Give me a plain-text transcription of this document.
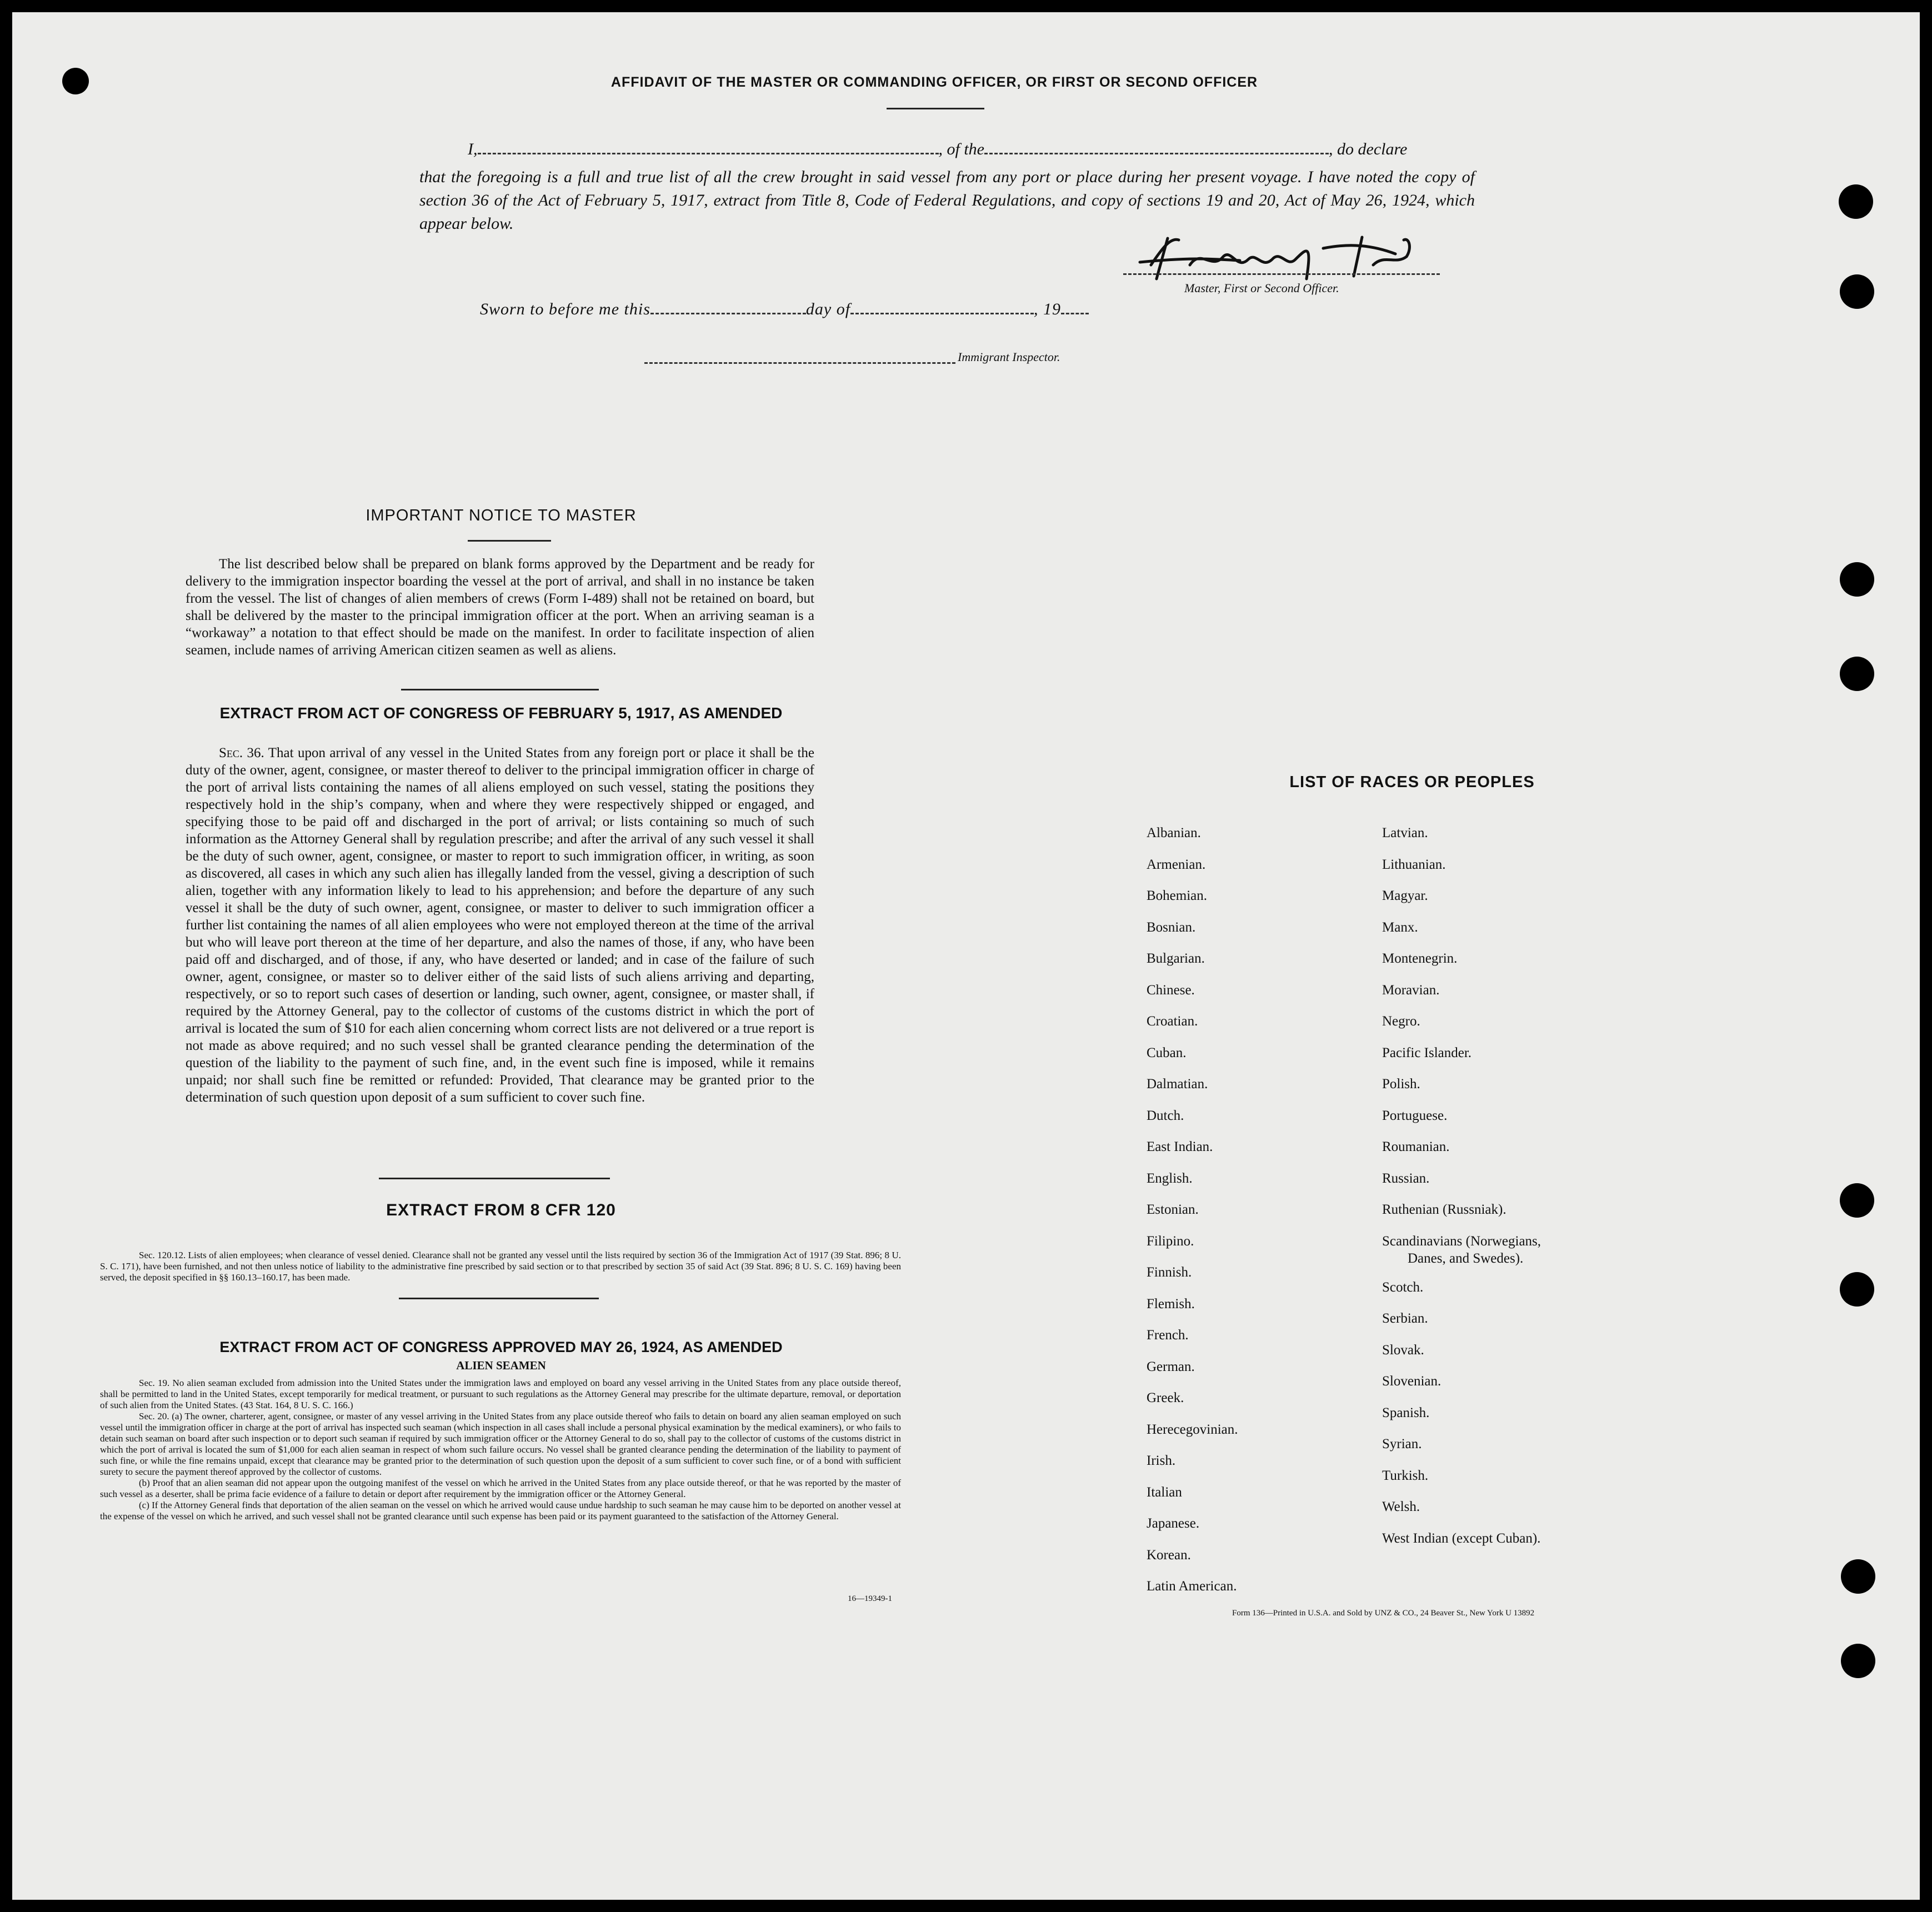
AFFIDAVIT OF THE MASTER OR COMMANDING OFFICER, OR FIRST OR SECOND OFFICER
I,	, of the	, do declare
that the foregoing is a full and true list of all the crew brought in said vessel from any port or place during her present voyage. I have noted the copy of section 36 of the Act of February 5, 1917, extract from Title 8, Code of Federal Regulations, and copy of sections 19 and 20, Act of May 26, 1924, which appear below.
Master, First or Second Officer.
Sworn to before me this	day of	, 19
Immigrant Inspector.
IMPORTANT NOTICE TO MASTER
The list described below shall be prepared on blank forms approved by the Department and be ready for delivery to the immigration inspector boarding the vessel at the port of arrival, and shall in no instance be taken from the vessel. The list of changes of alien members of crews (Form I-489) shall not be retained on board, but shall be delivered by the master to the principal immigration officer at the port. When an arriving seaman is a “workaway” a notation to that effect should be made on the manifest. In order to facilitate inspection of alien seamen, include names of arriving American citizen seamen as well as aliens.
EXTRACT FROM ACT OF CONGRESS OF FEBRUARY 5, 1917, AS AMENDED
Sec. 36. That upon arrival of any vessel in the United States from any foreign port or place it shall be the duty of the owner, agent, consignee, or master thereof to deliver to the principal immigration officer in charge of the port of arrival lists containing the names of all aliens employed on such vessel, stating the positions they respectively hold in the ship’s company, when and where they were respectively shipped or engaged, and specifying those to be paid off and discharged in the port of arrival; or lists containing so much of such information as the Attorney General shall by regulation prescribe; and after the arrival of any such vessel it shall be the duty of such owner, agent, consignee, or master to report to such immigration officer, in writing, as soon as discovered, all cases in which any such alien has illegally landed from the vessel, giving a description of such alien, together with any information likely to lead to his apprehension; and before the departure of any such vessel it shall be the duty of such owner, agent, consignee, or master to deliver to such immigration officer a further list containing the names of all alien employees who were not employed thereon at the time of the arrival but who will leave port thereon at the time of her departure, and also the names of those, if any, who have been paid off and discharged, and of those, if any, who have deserted or landed; and in case of the failure of such owner, agent, consignee, or master so to deliver either of the said lists of such aliens arriving and departing, respectively, or so to report such cases of desertion or landing, such owner, agent, consignee, or master shall, if required by the Attorney General, pay to the collector of customs of the customs district in which the port of arrival is located the sum of $10 for each alien concerning whom correct lists are not delivered or a true report is not made as above required; and no such vessel shall be granted clearance pending the determination of the question of the liability to the payment of such fine, and, in the event such fine is imposed, while it remains unpaid; nor shall such fine be remitted or refunded: Provided, That clearance may be granted prior to the determination of such question upon deposit of a sum sufficient to cover such fine.
EXTRACT FROM 8 CFR 120
Sec. 120.12. Lists of alien employees; when clearance of vessel denied. Clearance shall not be granted any vessel until the lists required by section 36 of the Immigration Act of 1917 (39 Stat. 896; 8 U. S. C. 171), have been furnished, and not then unless notice of liability to the administrative fine prescribed by said section or to that prescribed by section 35 of said Act (39 Stat. 896; 8 U. S. C. 169) having been served, the deposit specified in §§ 160.13–160.17, has been made.
EXTRACT FROM ACT OF CONGRESS APPROVED MAY 26, 1924, AS AMENDED
ALIEN SEAMEN
Sec. 19. No alien seaman excluded from admission into the United States under the immigration laws and employed on board any vessel arriving in the United States from any place outside thereof, shall be permitted to land in the United States, except temporarily for medical treatment, or pursuant to such regulations as the Attorney General may prescribe for the ultimate departure, removal, or deportation of such alien from the United States. (43 Stat. 164, 8 U. S. C. 166.)
Sec. 20. (a) The owner, charterer, agent, consignee, or master of any vessel arriving in the United States from any place outside thereof who fails to detain on board any alien seaman employed on such vessel until the immigration officer in charge at the port of arrival has inspected such seaman (which inspection in all cases shall include a personal physical examination by the medical examiners), or who fails to detain such seaman on board after such inspection or to deport such seaman if required by such immigration officer or the Attorney General to do so, shall pay to the collector of customs of the customs district in which the port of arrival is located the sum of $1,000 for each alien seaman in respect of whom such failure occurs. No vessel shall be granted clearance pending the determination of the liability to payment of such fine, or while the fine remains unpaid, except that clearance may be granted prior to the determination of such question upon the deposit of a sum sufficient to cover such fine, or of a bond with sufficient surety to secure the payment thereof approved by the collector of customs.
(b) Proof that an alien seaman did not appear upon the outgoing manifest of the vessel on which he arrived in the United States from any place outside thereof, or that he was reported by the master of such vessel as a deserter, shall be prima facie evidence of a failure to detain or deport after requirement by the immigration officer or the Attorney General.
(c) If the Attorney General finds that deportation of the alien seaman on the vessel on which he arrived would cause undue hardship to such seaman he may cause him to be deported on another vessel at the expense of the vessel on which he arrived, and such vessel shall not be granted clearance until such expense has been paid or its payment guaranteed to the satisfaction of the Attorney General.
16—19349-1
LIST OF RACES OR PEOPLES
Albanian.
Armenian.
Bohemian.
Bosnian.
Bulgarian.
Chinese.
Croatian.
Cuban.
Dalmatian.
Dutch.
East Indian.
English.
Estonian.
Filipino.
Finnish.
Flemish.
French.
German.
Greek.
Herecegovinian.
Irish.
Italian
Japanese.
Korean.
Latin American.
Latvian.
Lithuanian.
Magyar.
Manx.
Montenegrin.
Moravian.
Negro.
Pacific Islander.
Polish.
Portuguese.
Roumanian.
Russian.
Ruthenian (Russniak).
Scandinavians (Norwegians,
Danes, and Swedes).
Scotch.
Serbian.
Slovak.
Slovenian.
Spanish.
Syrian.
Turkish.
Welsh.
West Indian (except Cuban).
Form 136—Printed in U.S.A. and Sold by UNZ & CO., 24 Beaver St., New York U 13892
